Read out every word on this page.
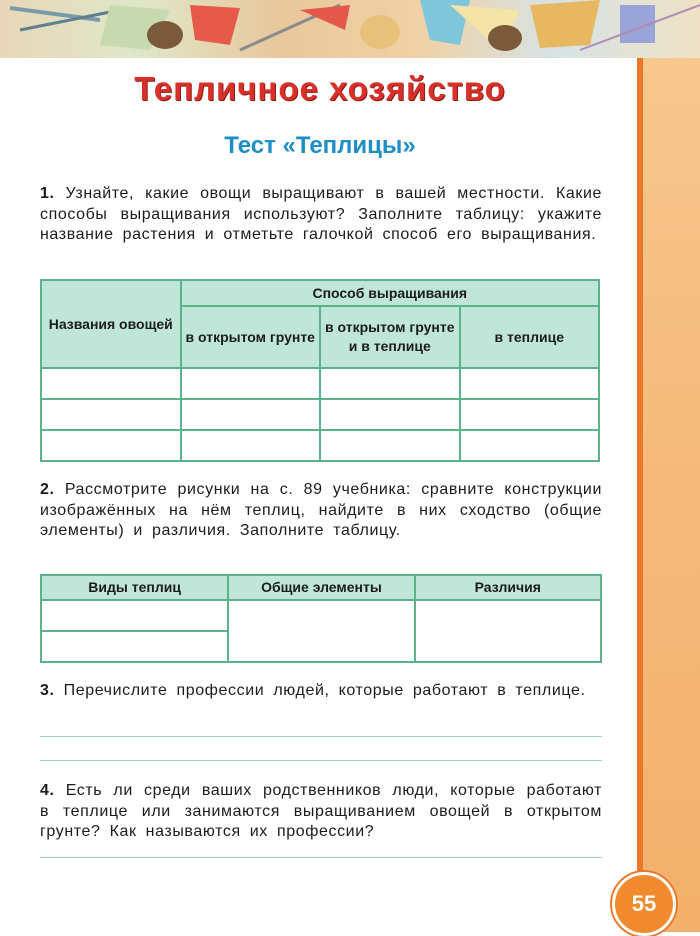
Тепличное хозяйство
Тест «Теплицы»
1. Узнайте, какие овощи выращивают в вашей местности. Какие способы выращивания используют? Заполните таблицу: укажите название растения и отметьте галочкой способ его выращивания.
Названия овощей	Способ выращивания		
	в открытом грунте	в открытом грунте и в теплице	в теплице

2. Рассмотрите рисунки на с. 89 учебника: сравните конструкции изображённых на нём теплиц, найдите в них сходство (общие элементы) и различия. Заполните таблицу.
Виды теплиц	Общие элементы	Различия

3. Перечислите профессии людей, которые работают в теплице.
4. Есть ли среди ваших родственников люди, которые работают в теплице или занимаются выращиванием овощей в открытом грунте? Как называются их профессии?
55
